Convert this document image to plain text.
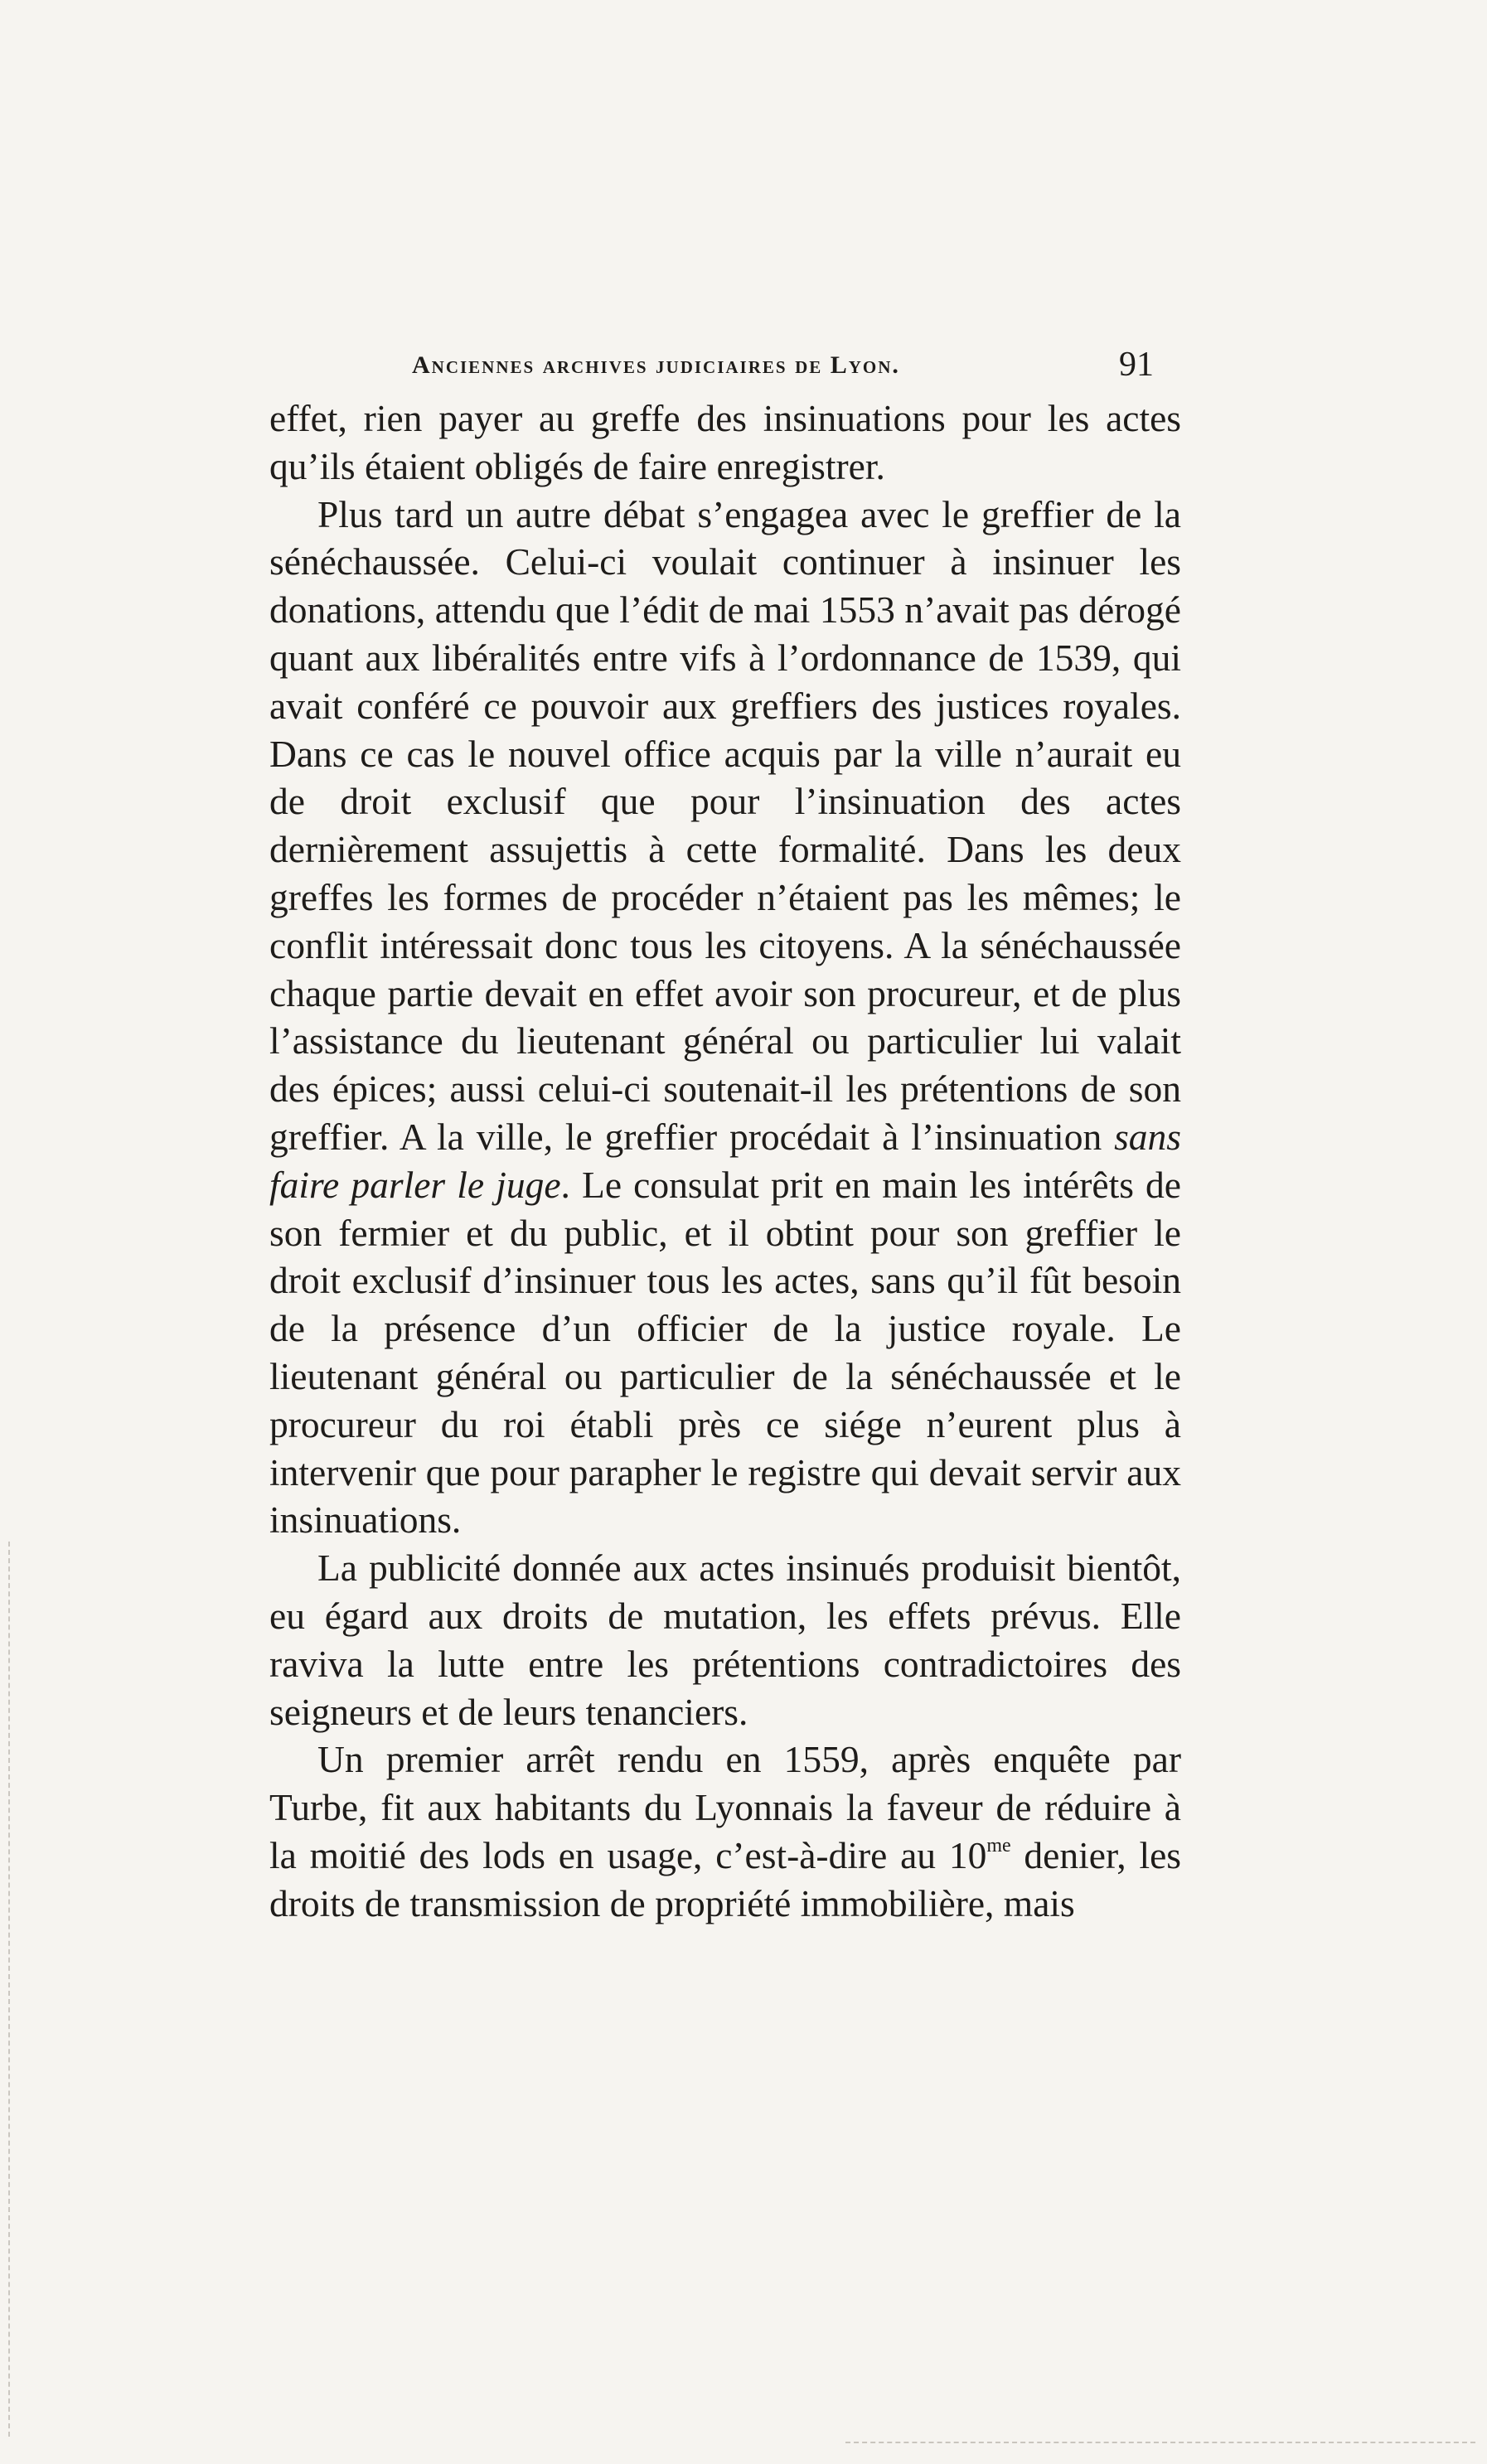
Anciennes archives judiciaires de Lyon.	91

effet, rien payer au greffe des insinuations pour les actes qu’ils étaient obligés de faire enregistrer.

Plus tard un autre débat s’engagea avec le greffier de la sénéchaussée. Celui-ci voulait continuer à insinuer les donations, attendu que l’édit de mai 1553 n’avait pas dérogé quant aux libéralités entre vifs à l’ordonnance de 1539, qui avait conféré ce pouvoir aux greffiers des justices royales. Dans ce cas le nouvel office acquis par la ville n’aurait eu de droit exclusif que pour l’insinuation des actes dernièrement assujettis à cette formalité. Dans les deux greffes les formes de procéder n’étaient pas les mêmes; le conflit intéressait donc tous les citoyens. A la sénéchaussée chaque partie devait en effet avoir son procureur, et de plus l’assistance du lieutenant général ou particulier lui valait des épices; aussi celui-ci soutenait-il les prétentions de son greffier. A la ville, le greffier procédait à l’insinuation sans faire parler le juge. Le consulat prit en main les intérêts de son fermier et du public, et il obtint pour son greffier le droit exclusif d’insinuer tous les actes, sans qu’il fût besoin de la présence d’un officier de la justice royale. Le lieutenant général ou particulier de la sénéchaussée et le procureur du roi établi près ce siége n’eurent plus à intervenir que pour parapher le registre qui devait servir aux insinuations.

La publicité donnée aux actes insinués produisit bientôt, eu égard aux droits de mutation, les effets prévus. Elle raviva la lutte entre les prétentions contradictoires des seigneurs et de leurs tenanciers.

Un premier arrêt rendu en 1559, après enquête par Turbe, fit aux habitants du Lyonnais la faveur de réduire à la moitié des lods en usage, c’est-à-dire au $10^{me}$ denier, les droits de transmission de propriété immobilière, mais
